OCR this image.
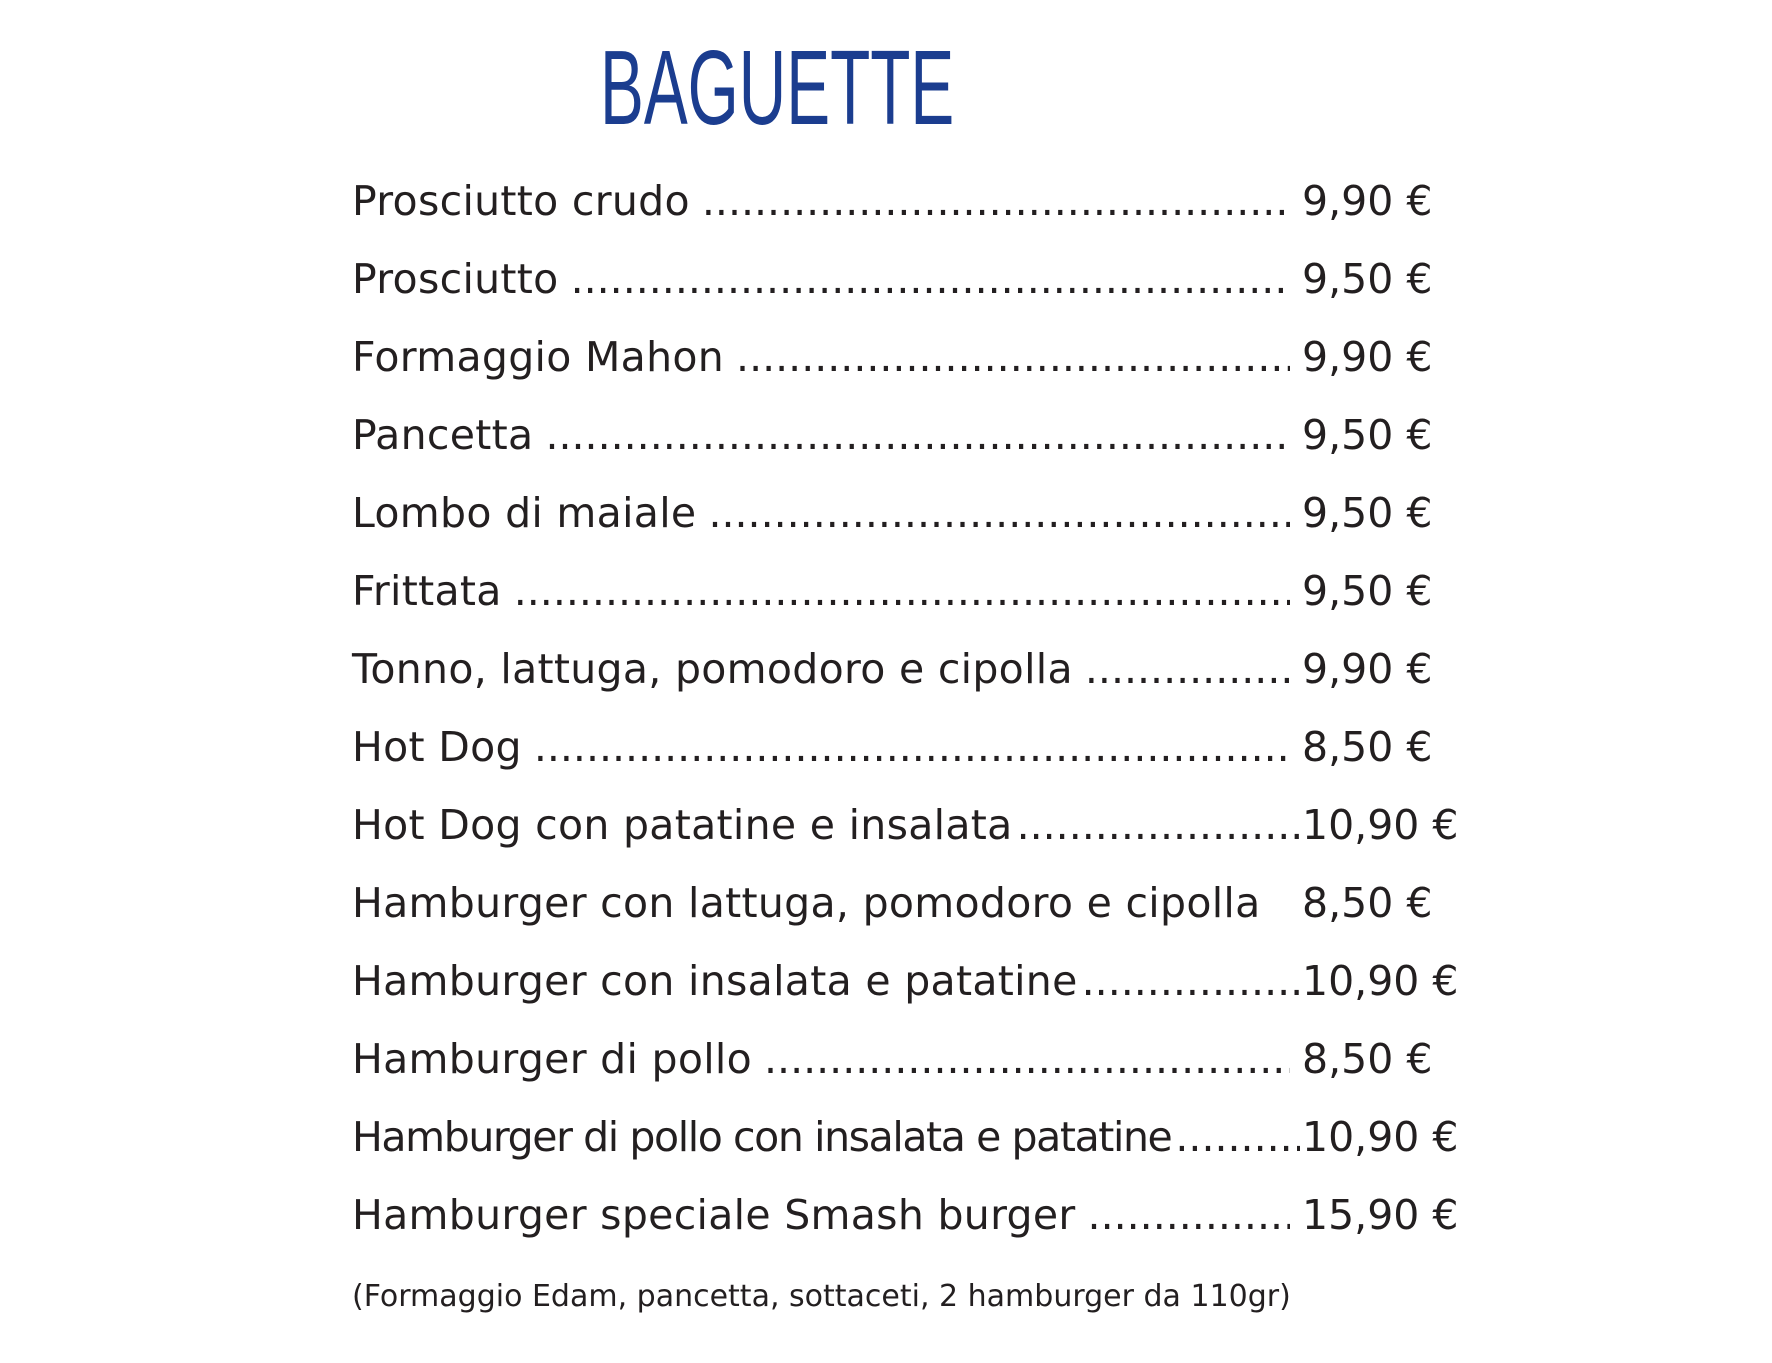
BAGUETTE
Prosciutto crudo .....	9,90 €
Prosciutto .....	9,50 €
Formaggio Mahon .....	9,90 €
Pancetta .....	9,50 €
Lombo di maiale .....	9,50 €
Frittata .....	9,50 €
Tonno, lattuga, pomodoro e cipolla .....	9,90 €
Hot Dog .....	8,50 €
Hot Dog con patatine e insalata .....	10,90 €
Hamburger con lattuga, pomodoro e cipolla 8,50 €
Hamburger con insalata e patatine .....	10,90 €
Hamburger di pollo .....	8,50 €
Hamburger di pollo con insalata e patatine .....	10,90 €
Hamburger speciale Smash burger .....	15,90 €

(Formaggio Edam, pancetta, sottaceti, 2 hamburger da 110gr)
